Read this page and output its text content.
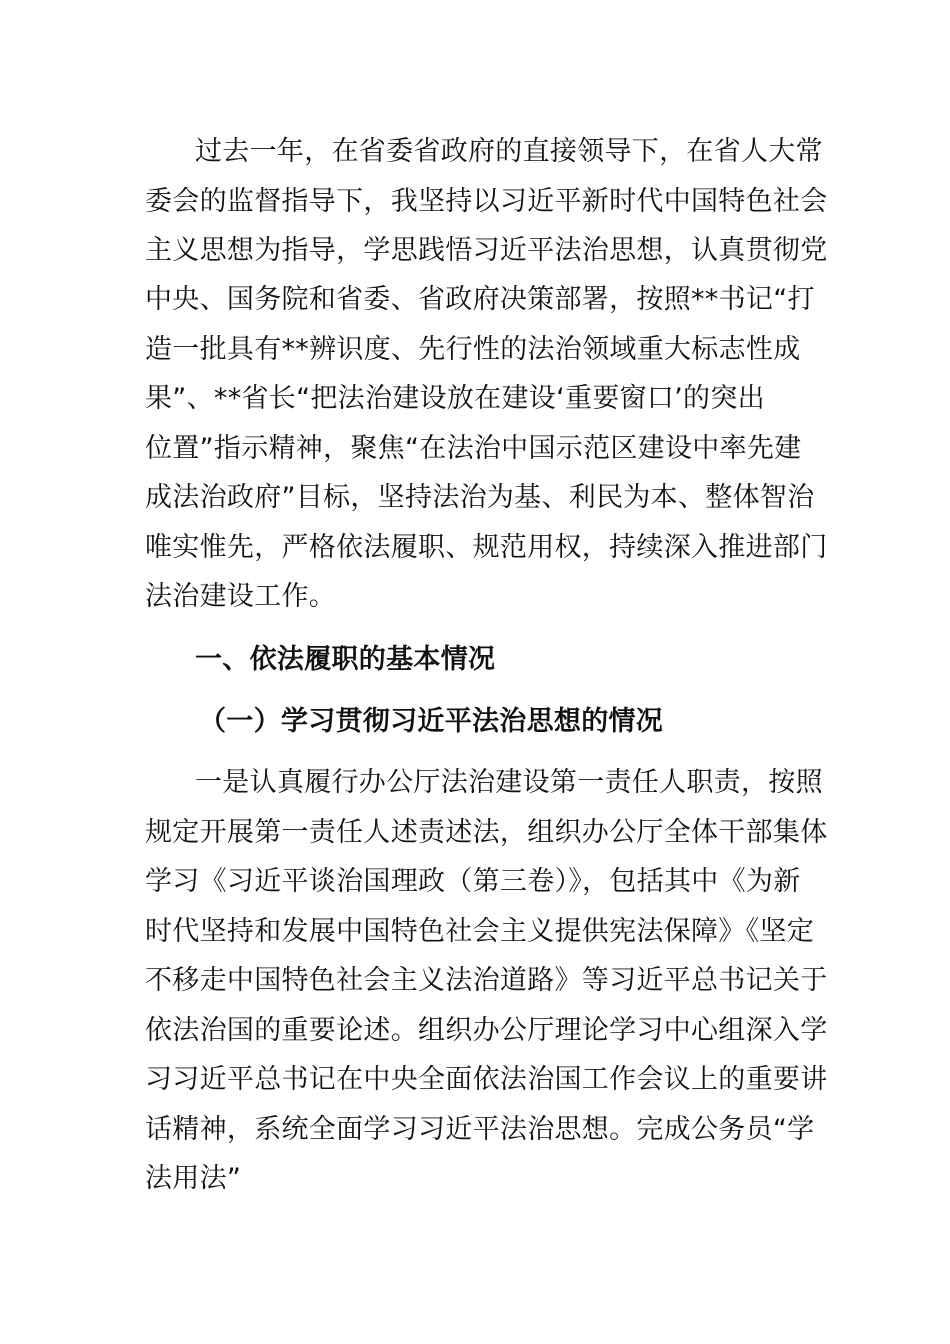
过去一年，在省委省政府的直接领导下，在省人大常
委会的监督指导下，我坚持以习近平新时代中国特色社会
主义思想为指导，学思践悟习近平法治思想，认真贯彻党
中央、国务院和省委、省政府决策部署，按照**书记“打
造一批具有**辨识度、先行性的法治领域重大标志性成
果”、**省长“把法治建设放在建设‘重要窗口’的突出
位置”指示精神，聚焦“在法治中国示范区建设中率先建
成法治政府”目标，坚持法治为基、利民为本、整体智治
唯实惟先，严格依法履职、规范用权，持续深入推进部门
法治建设工作。
一、依法履职的基本情况
（一）学习贯彻习近平法治思想的情况
一是认真履行办公厅法治建设第一责任人职责，按照
规定开展第一责任人述责述法，组织办公厅全体干部集体
学习《习近平谈治国理政（第三卷）》，包括其中《为新
时代坚持和发展中国特色社会主义提供宪法保障》《坚定
不移走中国特色社会主义法治道路》等习近平总书记关于
依法治国的重要论述。组织办公厅理论学习中心组深入学
习习近平总书记在中央全面依法治国工作会议上的重要讲
话精神，系统全面学习习近平法治思想。完成公务员“学
法用法”
